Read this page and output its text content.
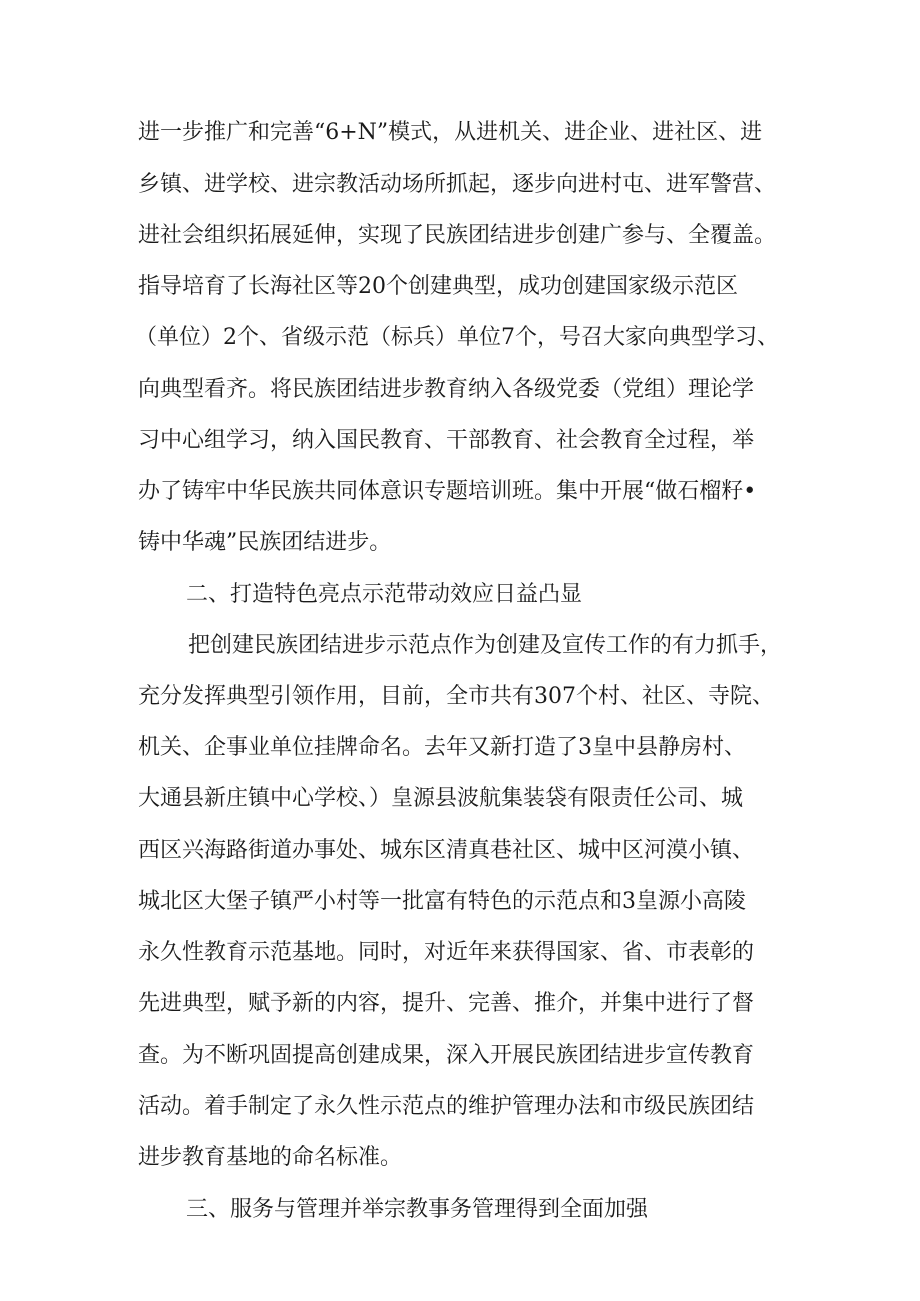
进一步推广和完善“6+N”模式，从进机关、进企业、进社区、进
乡镇、进学校、进宗教活动场所抓起，逐步向进村屯、进军警营、
进社会组织拓展延伸，实现了民族团结进步创建广参与、全覆盖。
指导培育了长海社区等20个创建典型，成功创建国家级示范区
（单位）2个、省级示范（标兵）单位7个，号召大家向典型学习、
向典型看齐。将民族团结进步教育纳入各级党委（党组）理论学
习中心组学习，纳入国民教育、干部教育、社会教育全过程，举
办了铸牢中华民族共同体意识专题培训班。集中开展“做石榴籽•
铸中华魂”民族团结进步。
二、打造特色亮点示范带动效应日益凸显
把创建民族团结进步示范点作为创建及宣传工作的有力抓手，
充分发挥典型引领作用，目前，全市共有307个村、社区、寺院、
机关、企事业单位挂牌命名。去年又新打造了3皇中县静房村、
大通县新庄镇中心学校、）皇源县波航集装袋有限责任公司、城
西区兴海路街道办事处、城东区清真巷社区、城中区河漠小镇、
城北区大堡子镇严小村等一批富有特色的示范点和3皇源小高陵
永久性教育示范基地。同时，对近年来获得国家、省、市表彰的
先进典型，赋予新的内容，提升、完善、推介，并集中进行了督
查。为不断巩固提高创建成果，深入开展民族团结进步宣传教育
活动。着手制定了永久性示范点的维护管理办法和市级民族团结
进步教育基地的命名标准。
三、服务与管理并举宗教事务管理得到全面加强
